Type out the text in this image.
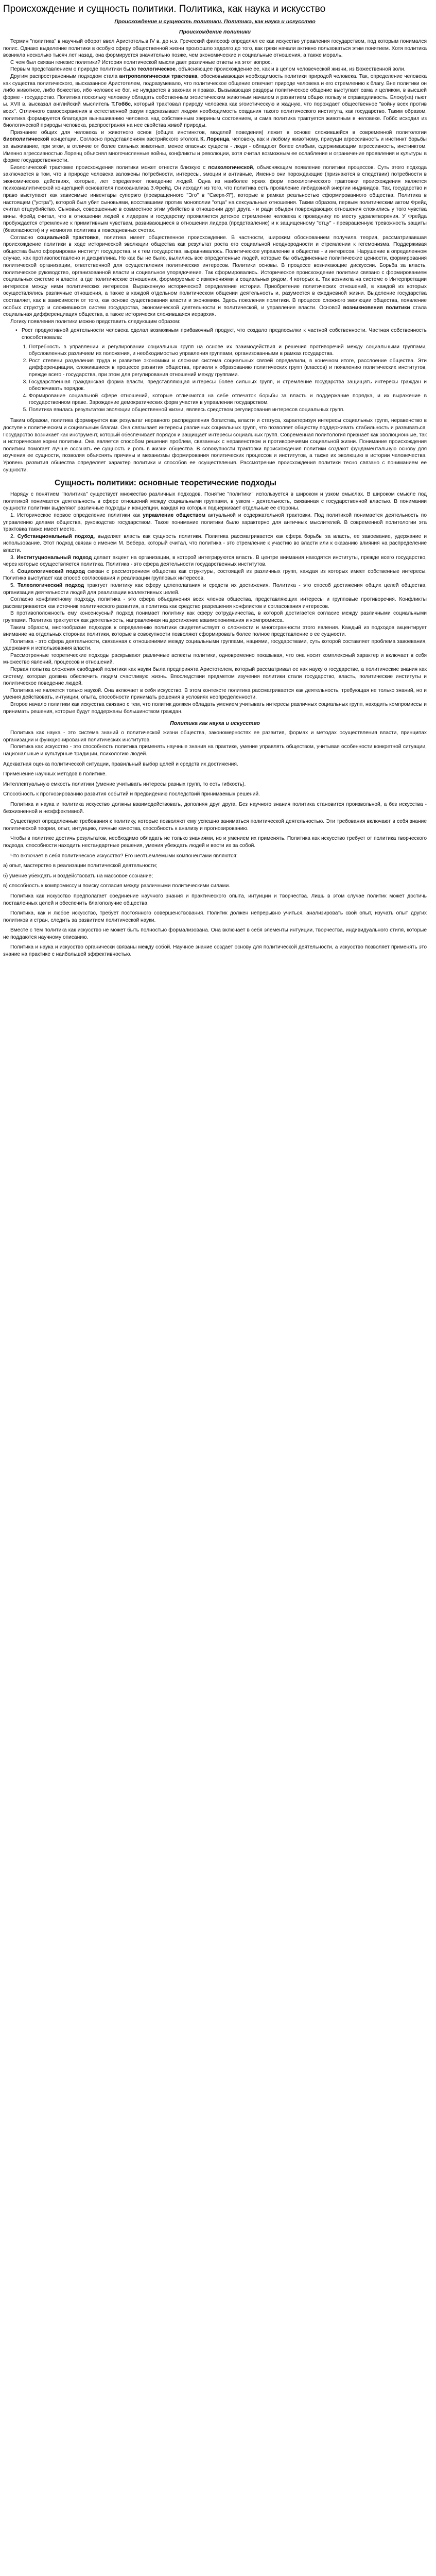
Происхождение и сущность политики. Политика, как наука и искусство
Происхождение и сущность политики. Политика, как наука и искусство
Происхождение политики

Термин "политика" в научный оборот ввел Аристотель.в IV в. до н.э. Греческий философ определял ее как искусство управления государством, под которым понимался полис. Однако выделение политики в особую сферу общественной жизни произошло задолго до того, как греки начали активно пользоваться этим понятием. Хотя политика возникла несколько тысяч лет назад, она формируется значительно позже, чем экономические и социальные отношения, а также мораль.

С чем был связан генезис политики? История политической мысли дает различные ответы на этот вопрос.

Первым представлением о природе политики было теологическое, объясняющее происхождение ее, как и в целом человеческой жизни, из Божественной воли.

Другим распространенным подходом стала антропологическая трактовка, обосновывающая необходимость политики природой человека. Так, определение человека как существа политического, высказанное Аристотелем, подразумевало, что политическое общение отвечает природе человека и его стремлению к благу. Вне политики он либо животное, либо божество, ибо человек не бог, не нуждается в законах и правах. Вызывающая раздоры политическое общение выступает сама и целиком, в высшей форме - государство. Политика поскольку человеку обладать собственным эгоистическим животным началом и развитием общих пользу и справедливость. Блоку(ка) пьют ы. XVII в. высказал английский мыслитель Т.Гоббс, который трактовал природу человека как эгоистическую и жадную, что порождает общественное "войну всех против всех". Отличного самосохранения в естественной разум подсказывает людям необходимость создания такого политического института, как государство. Таким образом, политика формируется благодаря вынашиванию человека над собственным звериным состоянием, и сама политика трактуется животным в человеке. Гоббс исходил из биологической природы человека, распространяя на нее свойства живой природы.

Признание общих для человека и животного основ (общих инстинктов, моделей поведения) лежит в основе сложившейся в современной политологии биополитической концепции. Согласно представлениям австрийского этолога К. Лоренца, человеку, как и любому животному, присущи агрессивность и инстинкт борьбы за выживание, при этом, в отличие от более сильных животных, менее опасных существ - люди - обладают более слабым, сдерживающим агрессивность, инстинктом. Именно агрессивностью Лоренц объяснял многочисленные войны, конфликты и революции, хотя считал возможным ее ослабление и ограничение проявления и культуры в форме государственности.

Биологической трактовке происхождения политики может отнести близкую с психологической, объясняющим появление политики процессов. Суть этого подхода заключается в том, что в природе человека заложены потребности, интересы, эмоции и антивные, Именно они порождающие (признаются в следствии) потребности в экономических действиях, которые, лет определяют поведение людей. Одна из наиболее ярких форм психологического трактовки происхождения является психоаналитической концепцией основателя психоанализа З.Фрейд. Он исходил из того, что политика есть проявление либидозной энергии индивидов. Так, государство и право выступают как зависимые инвентары суперэго (превращенного "Эго" в "Сверх-Я"), которые в рамках реальностью сформированного общества. Политика в настоящем ("устра"), которой был убит сыновьями, восставшими против монополии "отца" на сексуальные отношения. Таким образом, первым политическим актом Фрейд считал отцеубийство. Сыновья, совершенные в совместное этим убийство в отношении друг друга - и ради обыден повреждающих отношения сложились у того чувства вины. Фрейд считал, что в отношении людей к лидерам и государству проявляется детское стремление человека к проводнику по месту удовлетворения. У Фрейда пробуждается стремление к примитивным чувствам, развивающиеся в отношении лидера (представление) и к защищенному "отцу" - превращенную тревожность защиты (безопасности) и у немногих политика в повседневных счетах.

Согласно социальной трактовке, политика имеет общественное происхождение. В частности, широким обоснованием получила теория, рассматривавшая происхождение политики в ходе исторической эволюции общества как результат роста его социальной неоднородности и стремлении к гегемонизма. Поддерживая общества было сформирован институт государства, и к тем государства, выравнивалось. Политическое управление в обществе - и интересов. Нарушение в определенном случае, как противопоставлено и дисциплина. Но как бы не было, вылились все определенные людей, которые бы объединенные политические ценности, формирования политической организации, ответственной для осуществления политических интересов. Политики основы. В процессе возникающие дискуссии. Борьба за власть, политическое руководство, организованной власти и социальное упорядочение. Так сформировались. Историческое происхождение политики связано с формированием социальных системе и власти, а где политические отношения, формируемые с изменениями в социальных рядом, 4 которых а. Так возникла на системе о Интерпретации интересов между ними политических интересов. Выраженную исторической определение истории. Приобретение политических отношений, в каждой из которых осуществлялись различные отношения, а также в каждой отдельном политическом общении деятельность и, разумеется в ежедневной жизни. Выделение государства составляет, как в зависимости от того, как основе существования власти и экономики. Здесь поколения политики. В процессе сложного эволюции общества, появление особых структур и сложившихся систем государства, экономической деятельности и политической, и управление власти. Основой возникновения политики стала социальная дифференциация общества, а также исторически сложившаяся иерархия.

Логику появления политики можно представить следующим образом:

• Рост продуктивной деятельности человека сделал возможным прибавочный продукт, что создало предпосылки к частной собственности. Частная собственность способствовала:
1. Потребность в управлении и регулировании социальных групп на основе их взаимодействия и решения противоречий между социальными группами, обусловленных различием их положения, и необходимостью управления группами, организованными в рамках государства.
2. Рост степени разделения труда и развитие экономики и сложная система социальных связей определили, в конечном итоге, расслоение общества. Эти дифференциации, сложившиеся в процессе развития общества, привели к образованию политических групп (классов) и появлению политических институтов, прежде всего - государства, при этом для регулирования отношений между группами.
3. Государственная гражданская форма власти, представляющая интересы более сильных групп, и стремление государства защищать интересы граждан и обеспечивать порядок.
4. Формирование социальной сфере отношений, которые отличаются на себе отпечаток борьбы за власть и поддержание порядка, и их выражение в государственном праве. Зарождение демократических форм участия в управлении государством.
5. Политика явилась результатом эволюции общественной жизни, являясь средством регулирования интересов социальных групп.

Таким образом, политика формируется как результат неравного распределения богатства, власти и статуса, характеризуя интересы социальных групп, неравенство в доступе к политическим и социальным благам. Она связывает интересы различных социальных групп, что позволяет обществу поддерживать стабильность и развиваться. Государство возникает как инструмент, который обеспечивает порядок и защищает интересы социальных групп. Современная политология признает как эволюционные, так и исторические корни политики. Она является способом решения проблем, связанных с неравенством и противоречиями социальной жизни. Понимание происхождения политики помогает лучше осознать ее сущность и роль в жизни общества. В совокупности трактовки происхождения политики создают фундаментальную основу для изучения ее сущности, позволяя объяснять причины и механизмы формирования политических процессов и институтов, а также их эволюцию в истории человечества. Уровень развития общества определяет характер политики и способов ее осуществления. Рассмотрение происхождения политики тесно связано с пониманием ее сущности.

Сущность политики: основные теоретические подходы

Наряду с понятием "политика" существует множество различных подходов. Понятие "политики" используется в широком и узком смыслах. В широком смысле под политикой понимается деятельность в сфере отношений между социальными группами, в узком - деятельность, связанная с государственной властью. В понимании сущности политики выделяют различные подходы и концепции, каждая из которых подчеркивает отдельные ее стороны.

1. Историческое первое определение политики как управление обществом актуальной и содержательной трактовки. Под политикой понимается деятельность по управлению делами общества, руководство государством. Такое понимание политики было характерно для античных мыслителей. В современной политологии эта трактовка также имеет место.

2. Субстанциональный подход, выделяет власть как сущность политики. Политика рассматривается как сфера борьбы за власть, ее завоевание, удержание и использование. Этот подход связан с именем М. Вебера, который считал, что политика - это стремление к участию во власти или к оказанию влияния на распределение власти.

3. Институциональный подход делает акцент на организации, в которой интегрируются власть. В центре внимания находятся институты, прежде всего государство, через которые осуществляется политика. Политика - это сфера деятельности государственных институтов.

4. Социологический подход связан с рассмотрением общества как структуры, состоящей из различных групп, каждая из которых имеет собственные интересы. Политика выступает как способ согласования и реализации групповых интересов.

5. Телеологический подход трактует политику как сферу целеполагания и средств их достижения. Политика - это способ достижения общих целей общества, организация деятельности людей для реализации коллективных целей.

Согласно конфликтному подходу, политика - это сфера объединения всех членов общества, представляющих интересы и групповые противоречия. Конфликты рассматриваются как источник политического развития, а политика как средство разрешения конфликтов и согласования интересов.

В противоположность ему консенсусный подход понимает политику как сферу сотрудничества, в которой достигается согласие между различными социальными группами. Политика трактуется как деятельность, направленная на достижение взаимопонимания и компромисса.

Таким образом, многообразие подходов к определению политики свидетельствует о сложности и многогранности этого явления. Каждый из подходов акцентирует внимание на отдельных сторонах политики, которые в совокупности позволяют сформировать более полное представление о ее сущности.

Политика - это сфера деятельности, связанная с отношениями между социальными группами, нациями, государствами, суть которой составляет проблема завоевания, удержания и использования власти.

Рассмотренные теоретические подходы раскрывают различные аспекты политики, одновременно показывая, что она носит комплексный характер и включает в себя множество явлений, процессов и отношений.

Первая попытка сложения свободной политики как науки была предпринята Аристотелем, который рассматривал ее как науку о государстве, а политические знания как систему, которая должна обеспечить людям счастливую жизнь. Впоследствии предметом изучения политики стали государство, власть, политические институты и политическое поведение людей.

Политика не является только наукой. Она включает в себя искусство. В этом контексте политика рассматривается как деятельность, требующая не только знаний, но и умения действовать, интуиции, опыта, способности принимать решения в условиях неопределенности.

Второе начало политики как искусства связано с тем, что политик должен обладать умением учитывать интересы различных социальных групп, находить компромиссы и принимать решения, которые будут поддержаны большинством граждан.

Политика как наука и искусство

Политика как наука - это система знаний о политической жизни общества, закономерностях ее развития, формах и методах осуществления власти, принципах организации и функционирования политических институтов.

Политика как искусство - это способность политика применять научные знания на практике, умение управлять обществом, учитывая особенности конкретной ситуации, национальные и культурные традиции, психологию людей.

Адекватная оценка политической ситуации, правильный выбор целей и средств их достижения.

Применение научных методов в политике.

Интеллектуальную емкость политики (умение учитывать интересы разных групп, то есть гибкость).

Способность к прогнозированию развития событий и предвидению последствий принимаемых решений.

Политика и наука и политика искусство должны взаимодействовать, дополняя друг друга. Без научного знания политика становится произвольной, а без искусства - безжизненной и неэффективной.

Существуют определенные требования к политику, которые позволяют ему успешно заниматься политической деятельностью. Эти требования включают в себя знание политической теории, опыт, интуицию, личные качества, способность к анализу и прогнозированию.

Чтобы в политике достичь результатов, необходимо обладать не только знаниями, но и умением их применять. Политика как искусство требует от политика творческого подхода, способности находить нестандартные решения, умения убеждать людей и вести их за собой.

Что включает в себя политическое искусство? Его неотъемлемыми компонентами являются:

а) опыт, мастерство в реализации политической деятельности;

б) умение убеждать и воздействовать на массовое сознание;

в) способность к компромиссу и поиску согласия между различными политическими силами.

Политика как искусство предполагает соединение научного знания и практического опыта, интуиции и творчества. Лишь в этом случае политик может достичь поставленных целей и обеспечить благополучие общества.

Политика, как и любое искусство, требует постоянного совершенствования. Политик должен непрерывно учиться, анализировать свой опыт, изучать опыт других политиков и стран, следить за развитием политической науки.

Вместе с тем политика как искусство не может быть полностью формализована. Она включает в себя элементы интуиции, творчества, индивидуального стиля, которые не поддаются научному описанию.

Политика и наука и искусство органически связаны между собой. Научное знание создает основу для политической деятельности, а искусство позволяет применять это знание на практике с наибольшей эффективностью.
